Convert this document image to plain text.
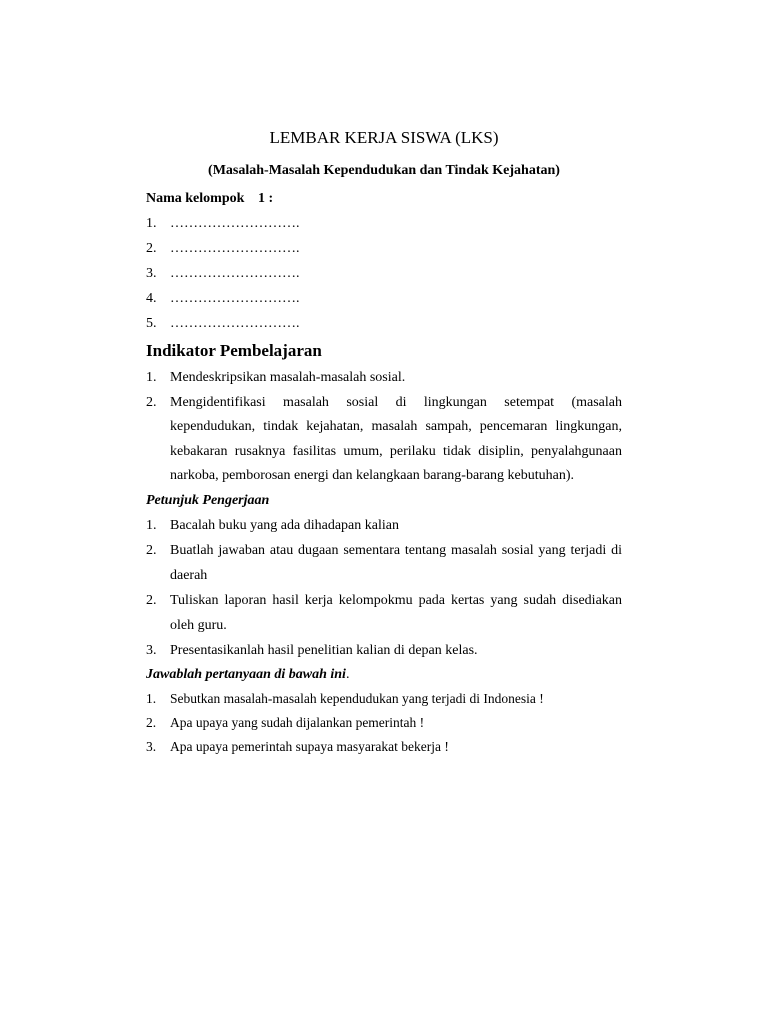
LEMBAR KERJA SISWA (LKS)
(Masalah-Masalah Kependudukan dan Tindak Kejahatan)
Nama kelompok 1 :
1. ……………………….
2. ……………………….
3. ……………………….
4. ……………………….
5. ……………………….
Indikator Pembelajaran
1. Mendeskripsikan masalah-masalah sosial.
2. Mengidentifikasi masalah sosial di lingkungan setempat (masalah kependudukan, tindak kejahatan, masalah sampah, pencemaran lingkungan, kebakaran rusaknya fasilitas umum, perilaku tidak disiplin, penyalahgunaan narkoba, pemborosan energi dan kelangkaan barang-barang kebutuhan).
Petunjuk Pengerjaan
1. Bacalah buku yang ada dihadapan kalian
2. Buatlah jawaban atau dugaan sementara tentang masalah sosial yang terjadi di daerah
2. Tuliskan laporan hasil kerja kelompokmu pada kertas yang sudah disediakan oleh guru.
3. Presentasikanlah hasil penelitian kalian di depan kelas.
Jawablah pertanyaan di bawah ini.
1.	Sebutkan masalah-masalah kependudukan yang terjadi di Indonesia !
2.	Apa upaya yang sudah dijalankan pemerintah !
3.	Apa upaya pemerintah supaya masyarakat bekerja !
